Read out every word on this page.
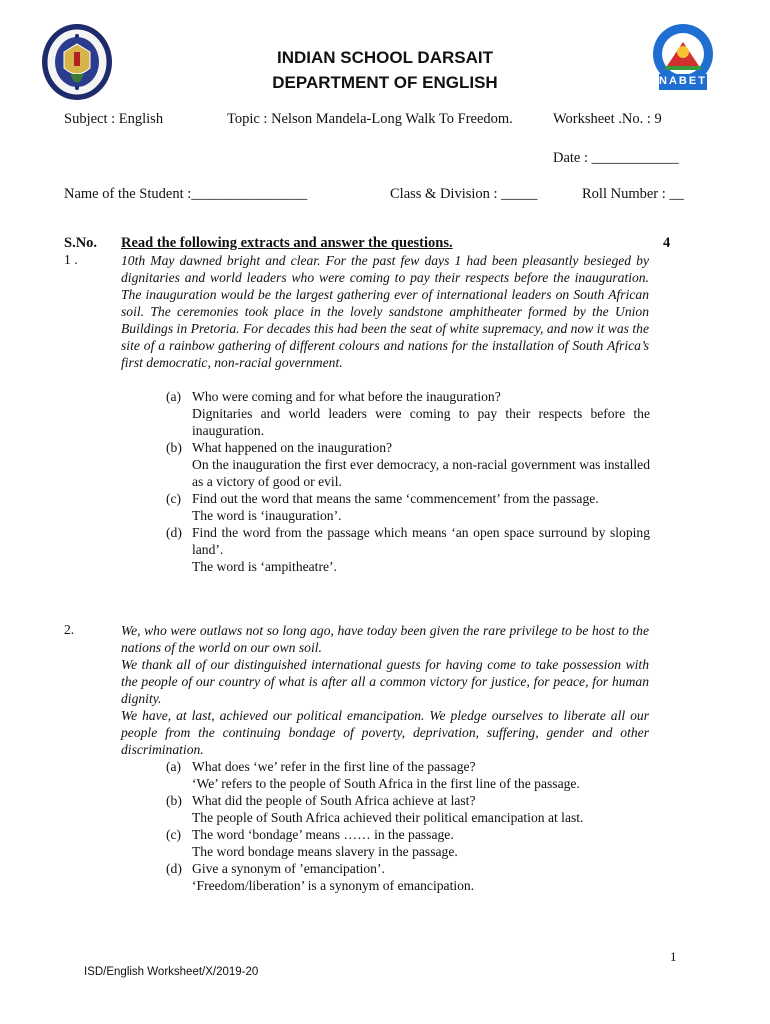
NABET
INDIAN SCHOOL DARSAIT
DEPARTMENT OF ENGLISH
Subject : English	Topic : Nelson Mandela-Long Walk To Freedom.	Worksheet .No. : 9
Date : ____________
Name of the Student :________________	Class & Division : _____	Roll Number : __
S.No. Read the following extracts and answer the questions.	4
1 .	10th May dawned bright and clear. For the past few days 1 had been pleasantly besieged by dignitaries and world leaders who were coming to pay their respects before the inauguration. The inauguration would be the largest gathering ever of international leaders on South African soil. The ceremonies took place in the lovely sandstone amphitheater formed by the Union Buildings in Pretoria. For decades this had been the seat of white supremacy, and now it was the site of a rainbow gathering of different colours and nations for the installation of South Africa’s first democratic, non-racial government.
(a) Who were coming and for what before the inauguration?
Dignitaries and world leaders were coming to pay their respects before the inauguration.
(b) What happened on the inauguration?
On the inauguration the first ever democracy, a non-racial government was installed as a victory of good or evil.
(c) Find out the word that means the same ‘commencement’ from the passage.
The word is ‘inauguration’.
(d) Find the word from the passage which means ‘an open space surround by sloping land’.
The word is ‘ampitheatre’.
2.	We, who were outlaws not so long ago, have today been given the rare privilege to be host to the nations of the world on our own soil.
We thank all of our distinguished international guests for having come to take possession with the people of our country of what is after all a common victory for justice, for peace, for human dignity.
We have, at last, achieved our political emancipation. We pledge ourselves to liberate all our people from the continuing bondage of poverty, deprivation, suffering, gender and other discrimination.
(a) What does ‘we’ refer in the first line of the passage?
‘We’ refers to the people of South Africa in the first line of the passage.
(b) What did the people of South Africa achieve at last?
The people of South Africa achieved their political emancipation at last.
(c) The word ‘bondage’ means …… in the passage.
The word bondage means slavery in the passage.
(d) Give a synonym of ’emancipation’.
‘Freedom/liberation’ is a synonym of emancipation.
1
ISD/English Worksheet/X/2019-20
